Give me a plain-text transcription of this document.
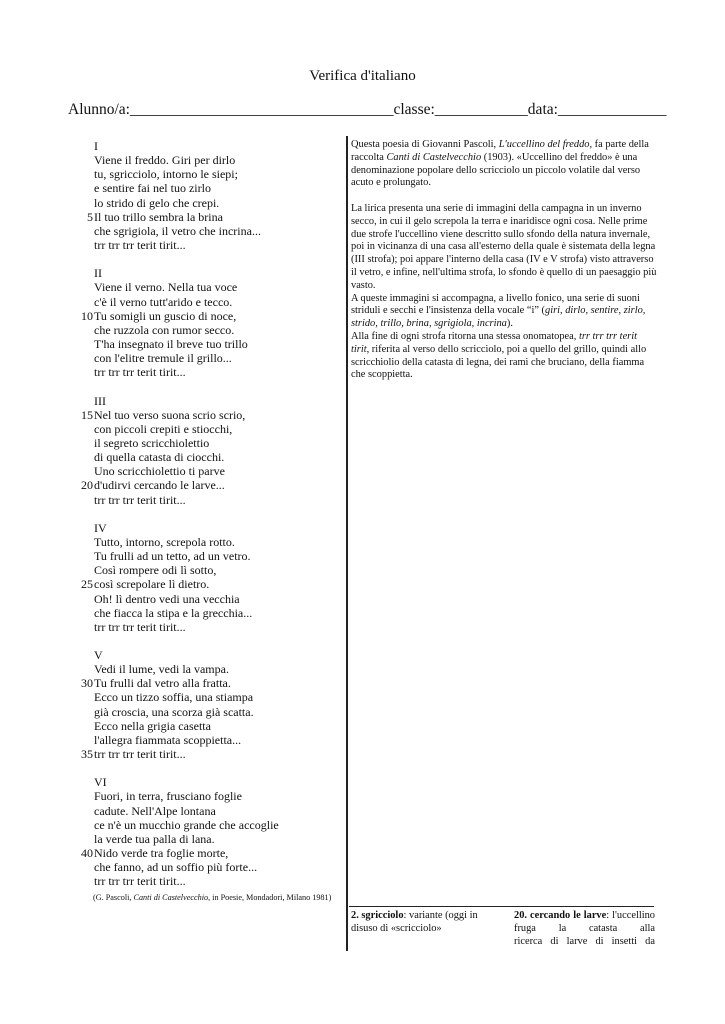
Verifica d'italiano
Alunno/a:__________________________________classe:____________data:______________
I
Viene il freddo. Giri per dirlo
tu, sgricciolo, intorno le siepi;
e sentire fai nel tuo zirlo
lo strido di gelo che crepi.
5 Il tuo trillo sembra la brina
che sgrigiola, il vetro che incrina...
trr trr trr terit tirit...
II
Viene il verno. Nella tua voce
c'è il verno tutt'arido e tecco.
10 Tu somigli un guscio di noce,
che ruzzola con rumor secco.
T'ha insegnato il breve tuo trillo
con l'elitre tremule il grillo...
trr trr trr terit tirit...
III
15 Nel tuo verso suona scrio scrio,
con piccoli crepiti e stiocchi,
il segreto scricchiolettio
di quella catasta di ciocchi.
Uno scricchiolettio ti parve
20 d'udirvi cercando le larve...
trr trr trr terit tirit...
IV
Tutto, intorno, screpola rotto.
Tu frulli ad un tetto, ad un vetro.
Così rompere odi lì sotto,
25 così screpolare lì dietro.
Oh! lì dentro vedi una vecchia
che fiacca la stipa e la grecchia...
trr trr trr terit tirit...
V
Vedi il lume, vedi la vampa.
30 Tu frulli dal vetro alla fratta.
Ecco un tizzo soffia, una stiampa
già croscia, una scorza già scatta.
Ecco nella grigia casetta
l'allegra fiammata scoppietta...
35 trr trr trr terit tirit...
VI
Fuori, in terra, frusciano foglie
cadute. Nell'Alpe lontana
ce n'è un mucchio grande che accoglie
la verde tua palla di lana.
40 Nido verde tra foglie morte,
che fanno, ad un soffio più forte...
trr trr trr terit tirit...
(G. Pascoli, Canti di Castelvecchio, in Poesie, Mondadori, Milano 1981)

Questa poesia di Giovanni Pascoli, L'uccellino del freddo, fa parte della raccolta Canti di Castelvecchio (1903). «Uccellino del freddo» è una denominazione popolare dello scricciolo un piccolo volatile dal verso acuto e prolungato.

La lirica presenta una serie di immagini della campagna in un inverno secco, in cui il gelo screpola la terra e inaridisce ogni cosa. Nelle prime due strofe l'uccellino viene descritto sullo sfondo della natura invernale, poi in vicinanza di una casa all'esterno della quale è sistemata della legna (III strofa); poi appare l'interno della casa (IV e V strofa) visto attraverso il vetro, e infine, nell'ultima strofa, lo sfondo è quello di un paesaggio più vasto.

A queste immagini si accompagna, a livello fonico, una serie di suoni striduli e secchi e l'insistenza della vocale “i” (giri, dirlo, sentire, zirlo, strido, trillo, brina, sgrigiola, incrina).

Alla fine di ogni strofa ritorna una stessa onomatopea, trr trr trr terit tirit, riferita al verso dello scricciolo, poi a quello del grillo, quindi allo scricchiolio della catasta di legna, dei rami che bruciano, della fiamma che scoppietta.

2. sgricciolo: variante (oggi in disuso di «scricciolo»
20. cercando le larve: l'uccellino fruga la catasta alla
ricerca di larve di insetti da
